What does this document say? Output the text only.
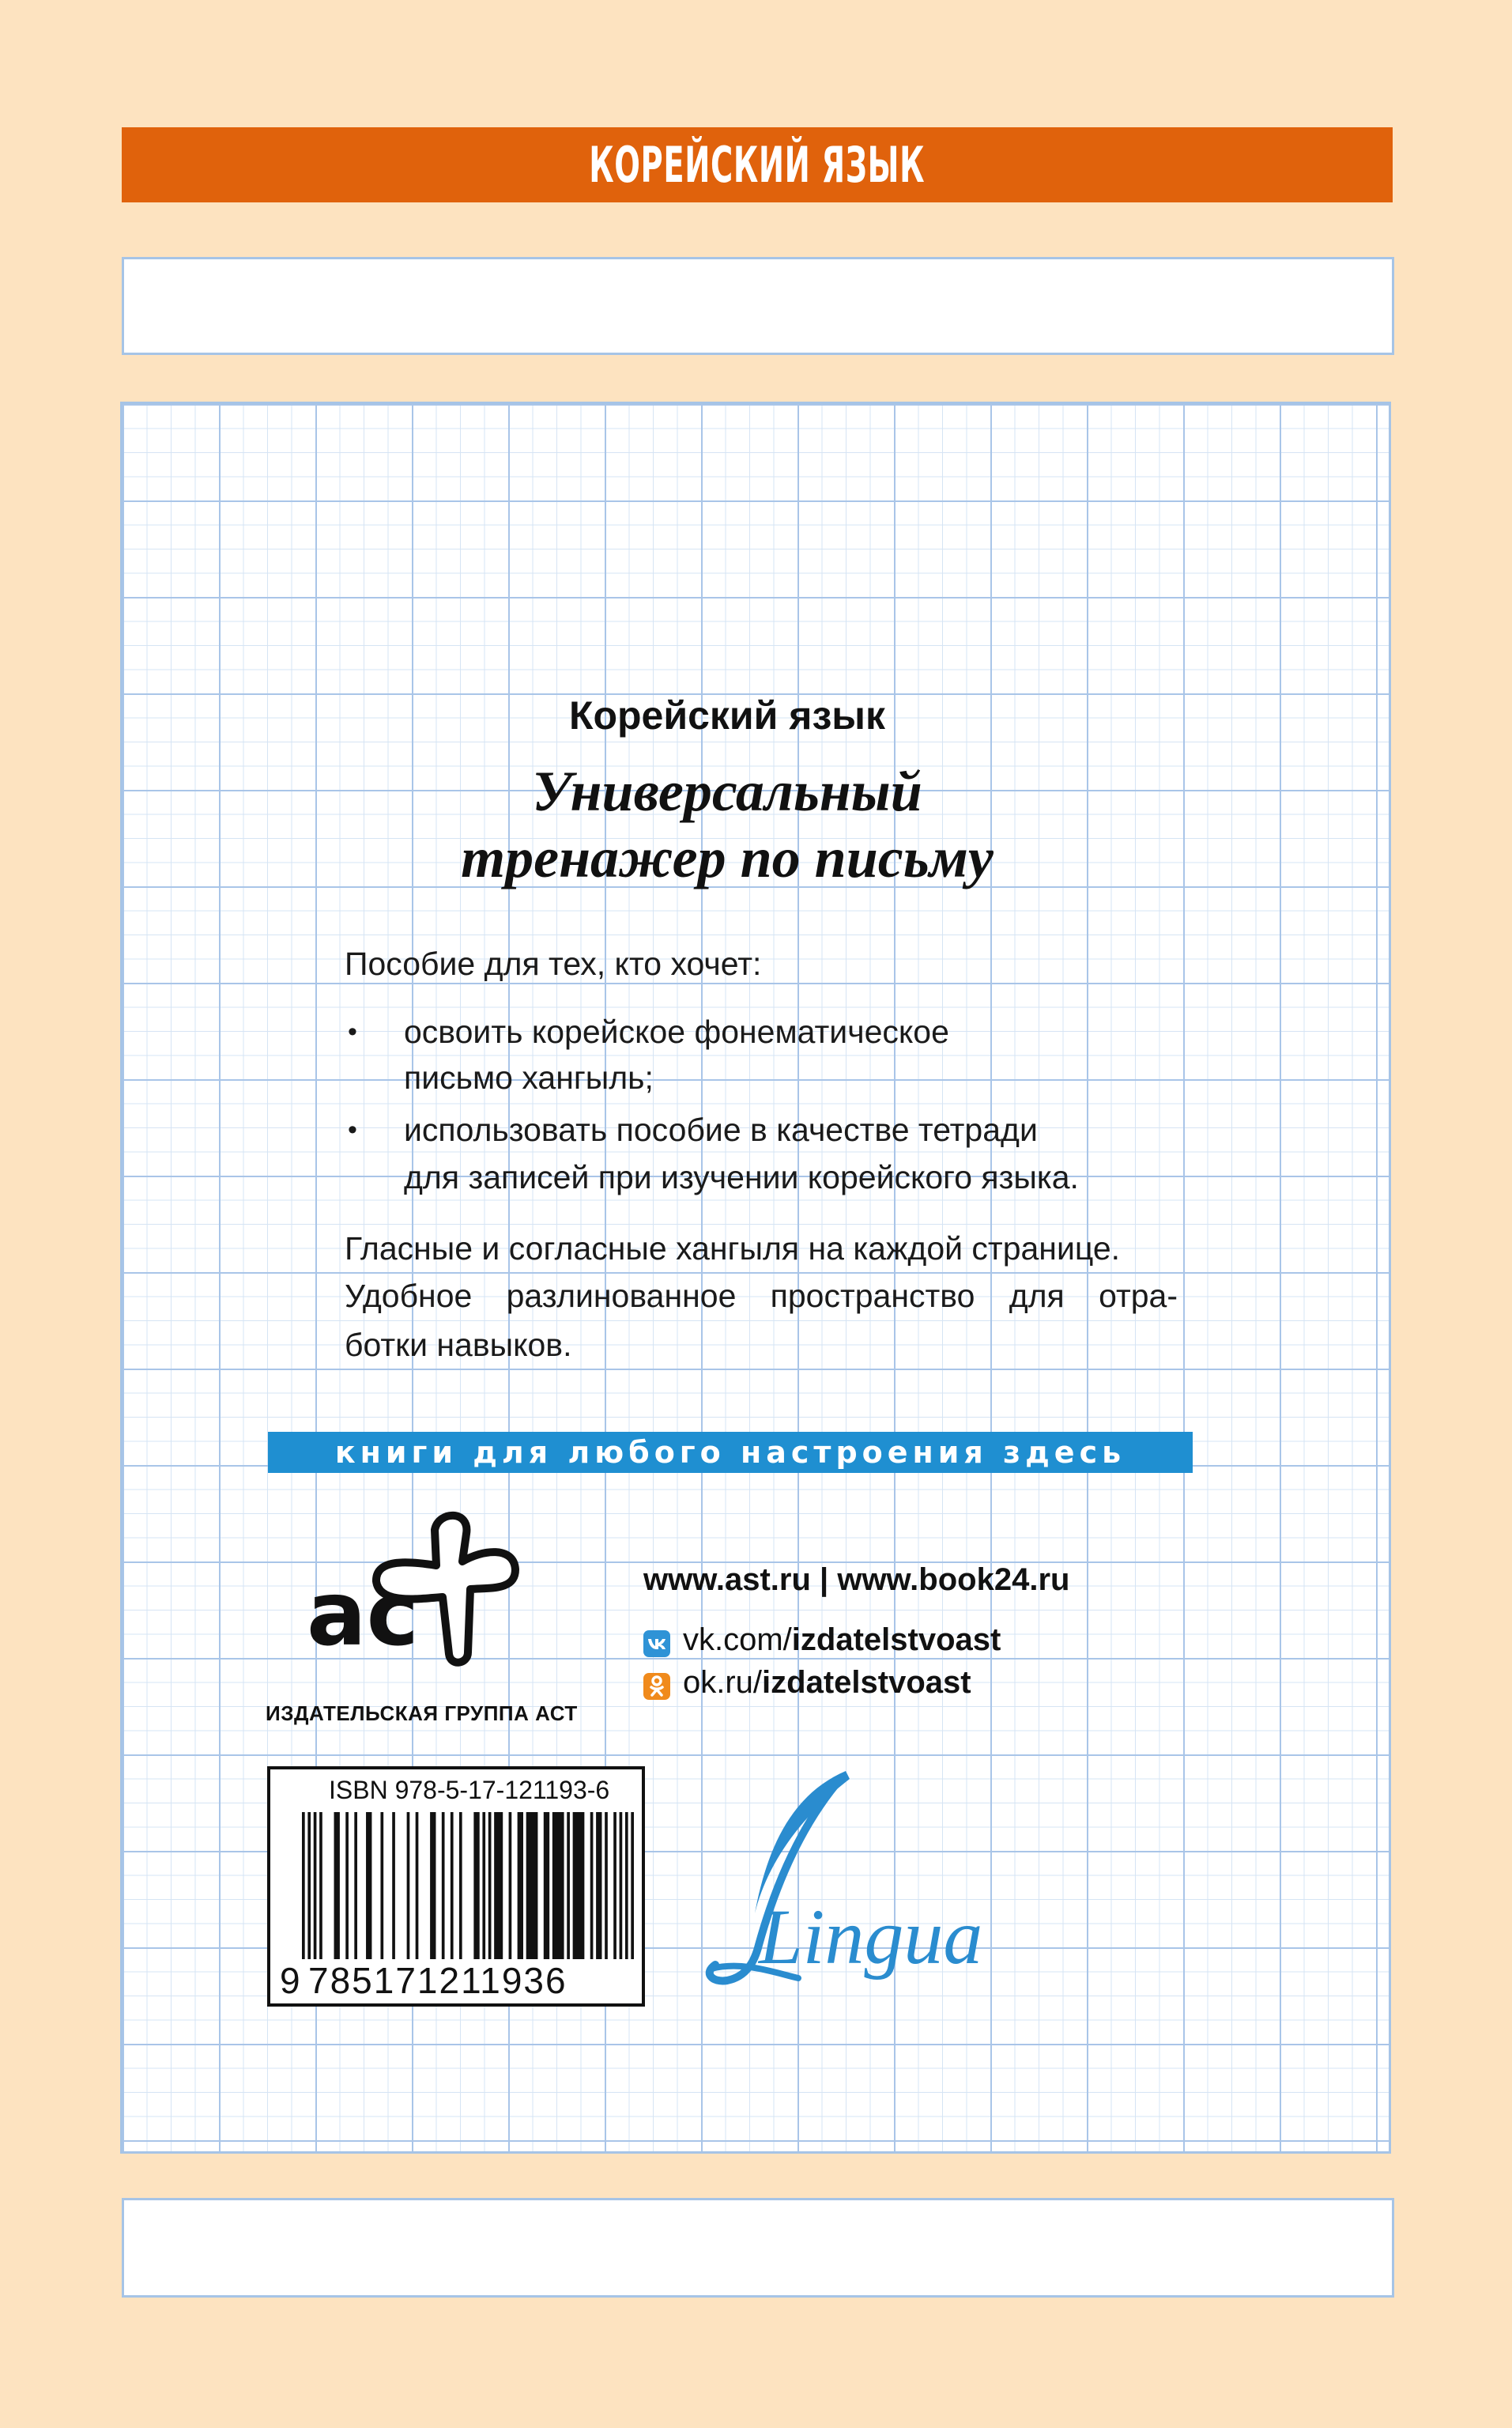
КОРЕЙСКИЙ ЯЗЫК
Корейский язык
Универсальный
тренажер по письму
Пособие для тех, кто хочет:
• освоить корейское фонематическое
письмо хангыль;
• использовать пособие в качестве тетради
для записей при изучении корейского языка.
Гласные и согласные хангыля на каждой странице.
Удобное разлинованное пространство для отра-
ботки навыков.
книги для любого настроения здесь
ас
ИЗДАТЕЛЬСКАЯ ГРУППА АСТ
www.ast.ru | www.book24.ru
vk.com/izdatelstvoast
ok.ru/izdatelstvoast
ISBN 978-5-17-121193-6
9 785171211936 Lingua
